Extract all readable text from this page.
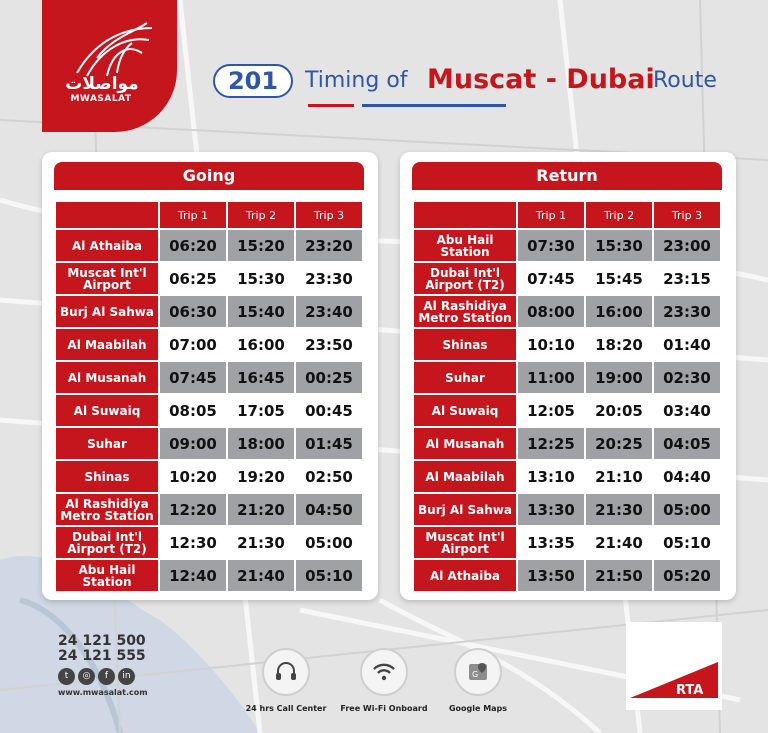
مواصلات
MWASALAT
201	Timing of Muscat - Dubai
Route
Going
	Trip 1	Trip 2	Trip 3
Al Athaiba	06:20	15:20	23:20
Muscat Int'l Airport	06:25	15:30	23:30
Burj Al Sahwa	06:30	15:40	23:40
Al Maabilah	07:00	16:00	23:50
Al Musanah	07:45	16:45	00:25
Al Suwaiq	08:05	17:05	00:45
Suhar	09:00	18:00	01:45
Shinas	10:20	19:20	02:50
Al Rashidiya Metro Station	12:20	21:20	04:50
Dubai Int'l Airport (T2)	12:30	21:30	05:00
Abu Hail Station	12:40	21:40	05:10
Return
	Trip 1	Trip 2	Trip 3
Abu Hail Station	07:30	15:30	23:00
Dubai Int'l Airport (T2)	07:45	15:45	23:15
Al Rashidiya Metro Station	08:00	16:00	23:30
Shinas	10:10	18:20	01:40
Suhar	11:00	19:00	02:30
Al Suwaiq	12:05	20:05	03:40
Al Musanah	12:25	20:25	04:05
Al Maabilah	13:10	21:10	04:40
Burj Al Sahwa	13:30	21:30	05:00
Muscat Int'l Airport	13:35	21:40	05:10
Al Athaiba	13:50	21:50	05:20
24 121 500
24 121 555
t	◎	f	in
www.mwasalat.com
24 hrs Call Center	Free Wi-Fi Onboard
G
Google Maps
RTA
